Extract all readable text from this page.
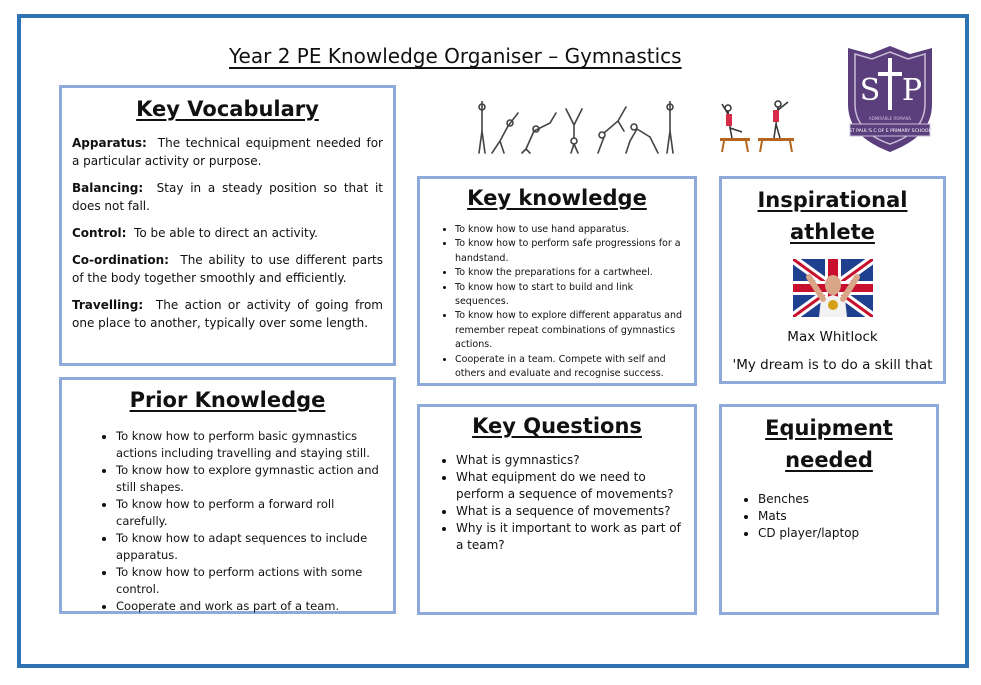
Year 2 PE Knowledge Organiser – Gymnastics
S P
ADMIRABLE ROMANS
ST PAUL'S C OF E PRIMARY SCHOOL
Key Vocabulary

Apparatus: The technical equipment needed for a particular activity or purpose.

Balancing: Stay in a steady position so that it does not fall.

Control: To be able to direct an activity.

Co-ordination: The ability to use different parts of the body together smoothly and efficiently.

Travelling: The action or activity of going from one place to another, typically over some length.

Prior Knowledge
• To know how to perform basic gymnastics actions including travelling and staying still.
• To know how to explore gymnastic action and still shapes.
• To know how to perform a forward roll carefully.
• To know how to adapt sequences to include apparatus.
• To know how to perform actions with some control.
• Cooperate and work as part of a team.
Key knowledge
• To know how to use hand apparatus.
• To know how to perform safe progressions for a handstand.
• To know the preparations for a cartwheel.
• To know how to start to build and link sequences.
• To know how to explore different apparatus and remember repeat combinations of gymnastics actions.
• Cooperate in a team. Compete with self and others and evaluate and recognise success.
Key Questions
• What is gymnastics?
• What equipment do we need to perform a sequence of movements?
• What is a sequence of movements?
• Why is it important to work as part of a team?
Inspirational
athlete
Max Whitlock
'My dream is to do a skill that
Equipment
needed
• Benches
• Mats
• CD player/laptop
